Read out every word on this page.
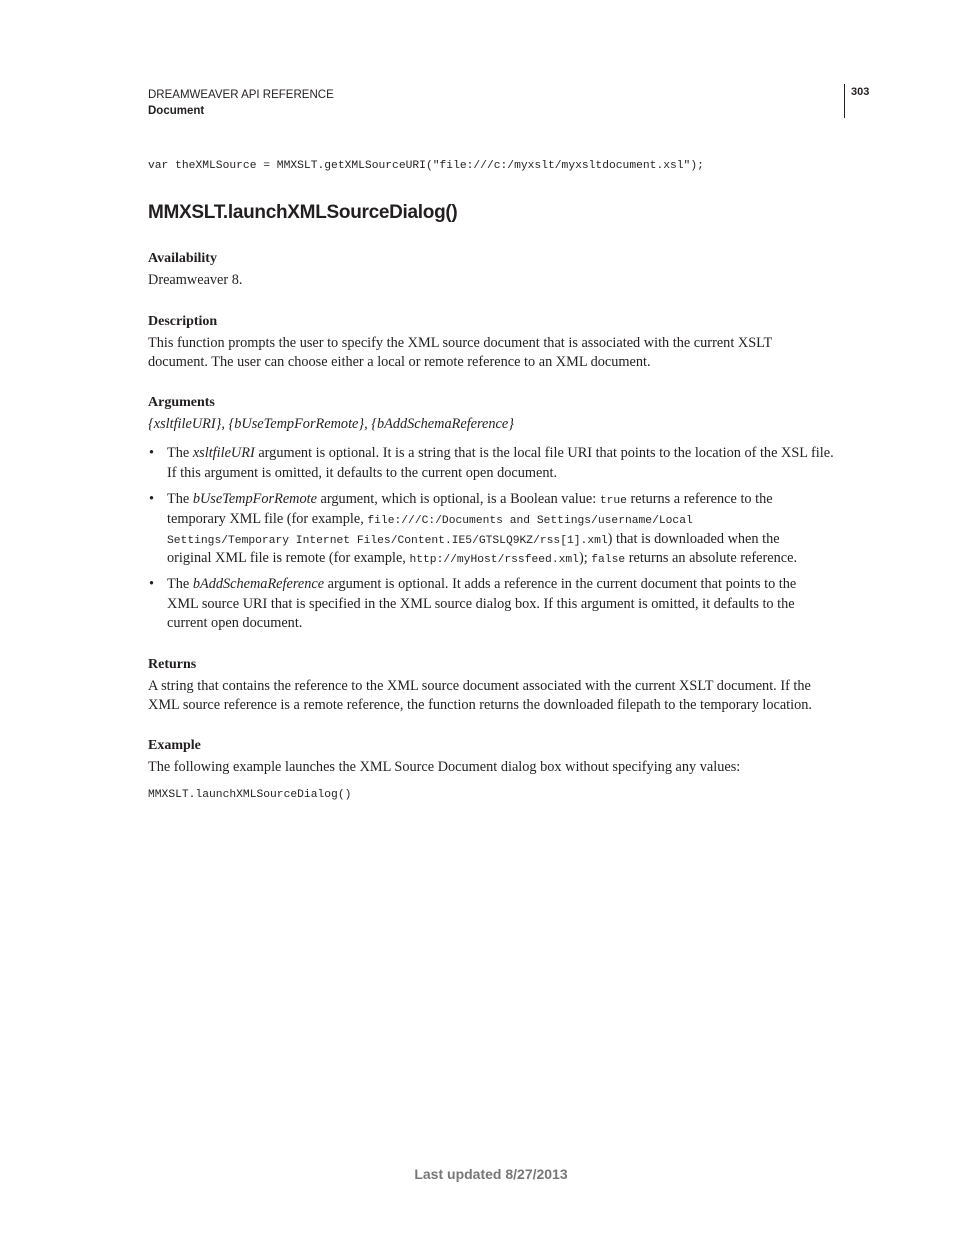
DREAMWEAVER API REFERENCE
Document
303
var theXMLSource = MMXSLT.getXMLSourceURI("file:///c:/myxslt/myxsltdocument.xsl");
MMXSLT.launchXMLSourceDialog()
Availability
Dreamweaver 8.
Description
This function prompts the user to specify the XML source document that is associated with the current XSLT
document. The user can choose either a local or remote reference to an XML document.
Arguments
{xsltfileURI}, {bUseTempForRemote}, {bAddSchemaReference}
• The xsltfileURI argument is optional. It is a string that is the local file URI that points to the location of the XSL file.
If this argument is omitted, it defaults to the current open document.
• The bUseTempForRemote argument, which is optional, is a Boolean value: true returns a reference to the
temporary XML file (for example, file:///C:/Documents and Settings/username/Local
Settings/Temporary Internet Files/Content.IE5/GTSLQ9KZ/rss[1].xml) that is downloaded when the
original XML file is remote (for example, http://myHost/rssfeed.xml); false returns an absolute reference.
• The bAddSchemaReference argument is optional. It adds a reference in the current document that points to the
XML source URI that is specified in the XML source dialog box. If this argument is omitted, it defaults to the
current open document.
Returns
A string that contains the reference to the XML source document associated with the current XSLT document. If the
XML source reference is a remote reference, the function returns the downloaded filepath to the temporary location.
Example
The following example launches the XML Source Document dialog box without specifying any values:
MMXSLT.launchXMLSourceDialog()
Last updated 8/27/2013
